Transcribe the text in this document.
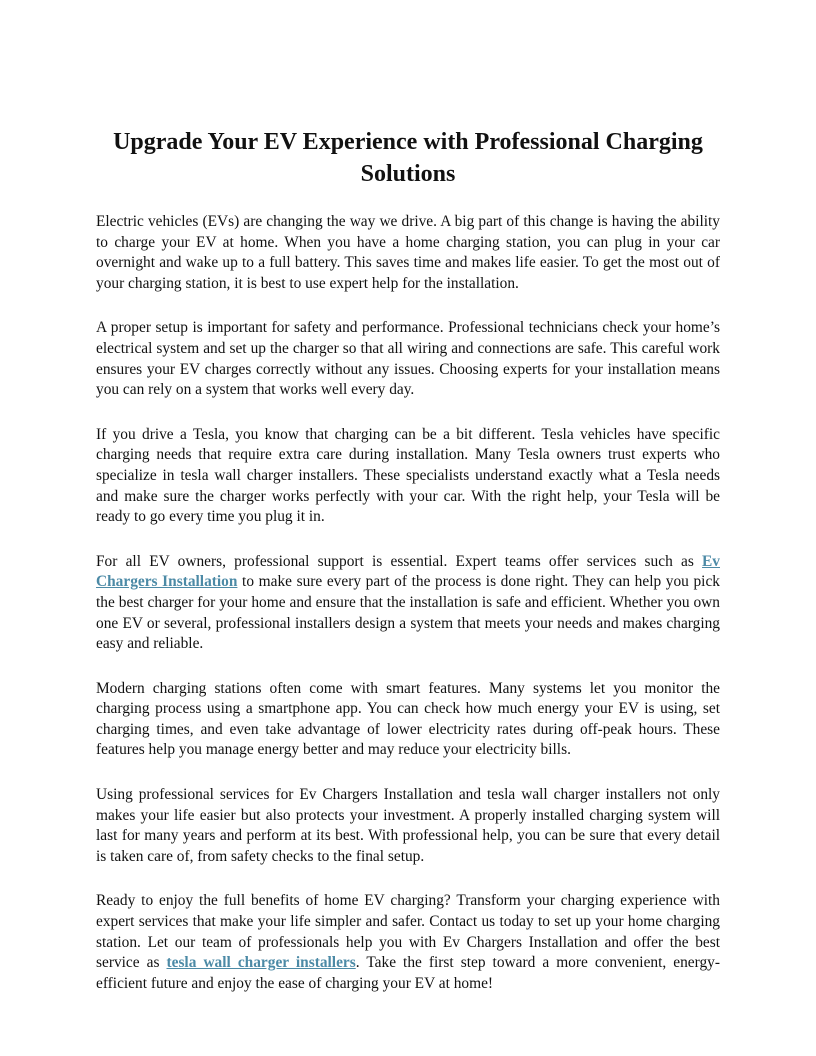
Upgrade Your EV Experience with Professional Charging Solutions

Electric vehicles (EVs) are changing the way we drive. A big part of this change is having the ability to charge your EV at home. When you have a home charging station, you can plug in your car overnight and wake up to a full battery. This saves time and makes life easier. To get the most out of your charging station, it is best to use expert help for the installation.

A proper setup is important for safety and performance. Professional technicians check your home’s electrical system and set up the charger so that all wiring and connections are safe. This careful work ensures your EV charges correctly without any issues. Choosing experts for your installation means you can rely on a system that works well every day.

If you drive a Tesla, you know that charging can be a bit different. Tesla vehicles have specific charging needs that require extra care during installation. Many Tesla owners trust experts who specialize in tesla wall charger installers. These specialists understand exactly what a Tesla needs and make sure the charger works perfectly with your car. With the right help, your Tesla will be ready to go every time you plug it in.

For all EV owners, professional support is essential. Expert teams offer services such as Ev Chargers Installation to make sure every part of the process is done right. They can help you pick the best charger for your home and ensure that the installation is safe and efficient. Whether you own one EV or several, professional installers design a system that meets your needs and makes charging easy and reliable.

Modern charging stations often come with smart features. Many systems let you monitor the charging process using a smartphone app. You can check how much energy your EV is using, set charging times, and even take advantage of lower electricity rates during off-peak hours. These features help you manage energy better and may reduce your electricity bills.

Using professional services for Ev Chargers Installation and tesla wall charger installers not only makes your life easier but also protects your investment. A properly installed charging system will last for many years and perform at its best. With professional help, you can be sure that every detail is taken care of, from safety checks to the final setup.

Ready to enjoy the full benefits of home EV charging? Transform your charging experience with expert services that make your life simpler and safer. Contact us today to set up your home charging station. Let our team of professionals help you with Ev Chargers Installation and offer the best service as tesla wall charger installers. Take the first step toward a more convenient, energy-efficient future and enjoy the ease of charging your EV at home!
